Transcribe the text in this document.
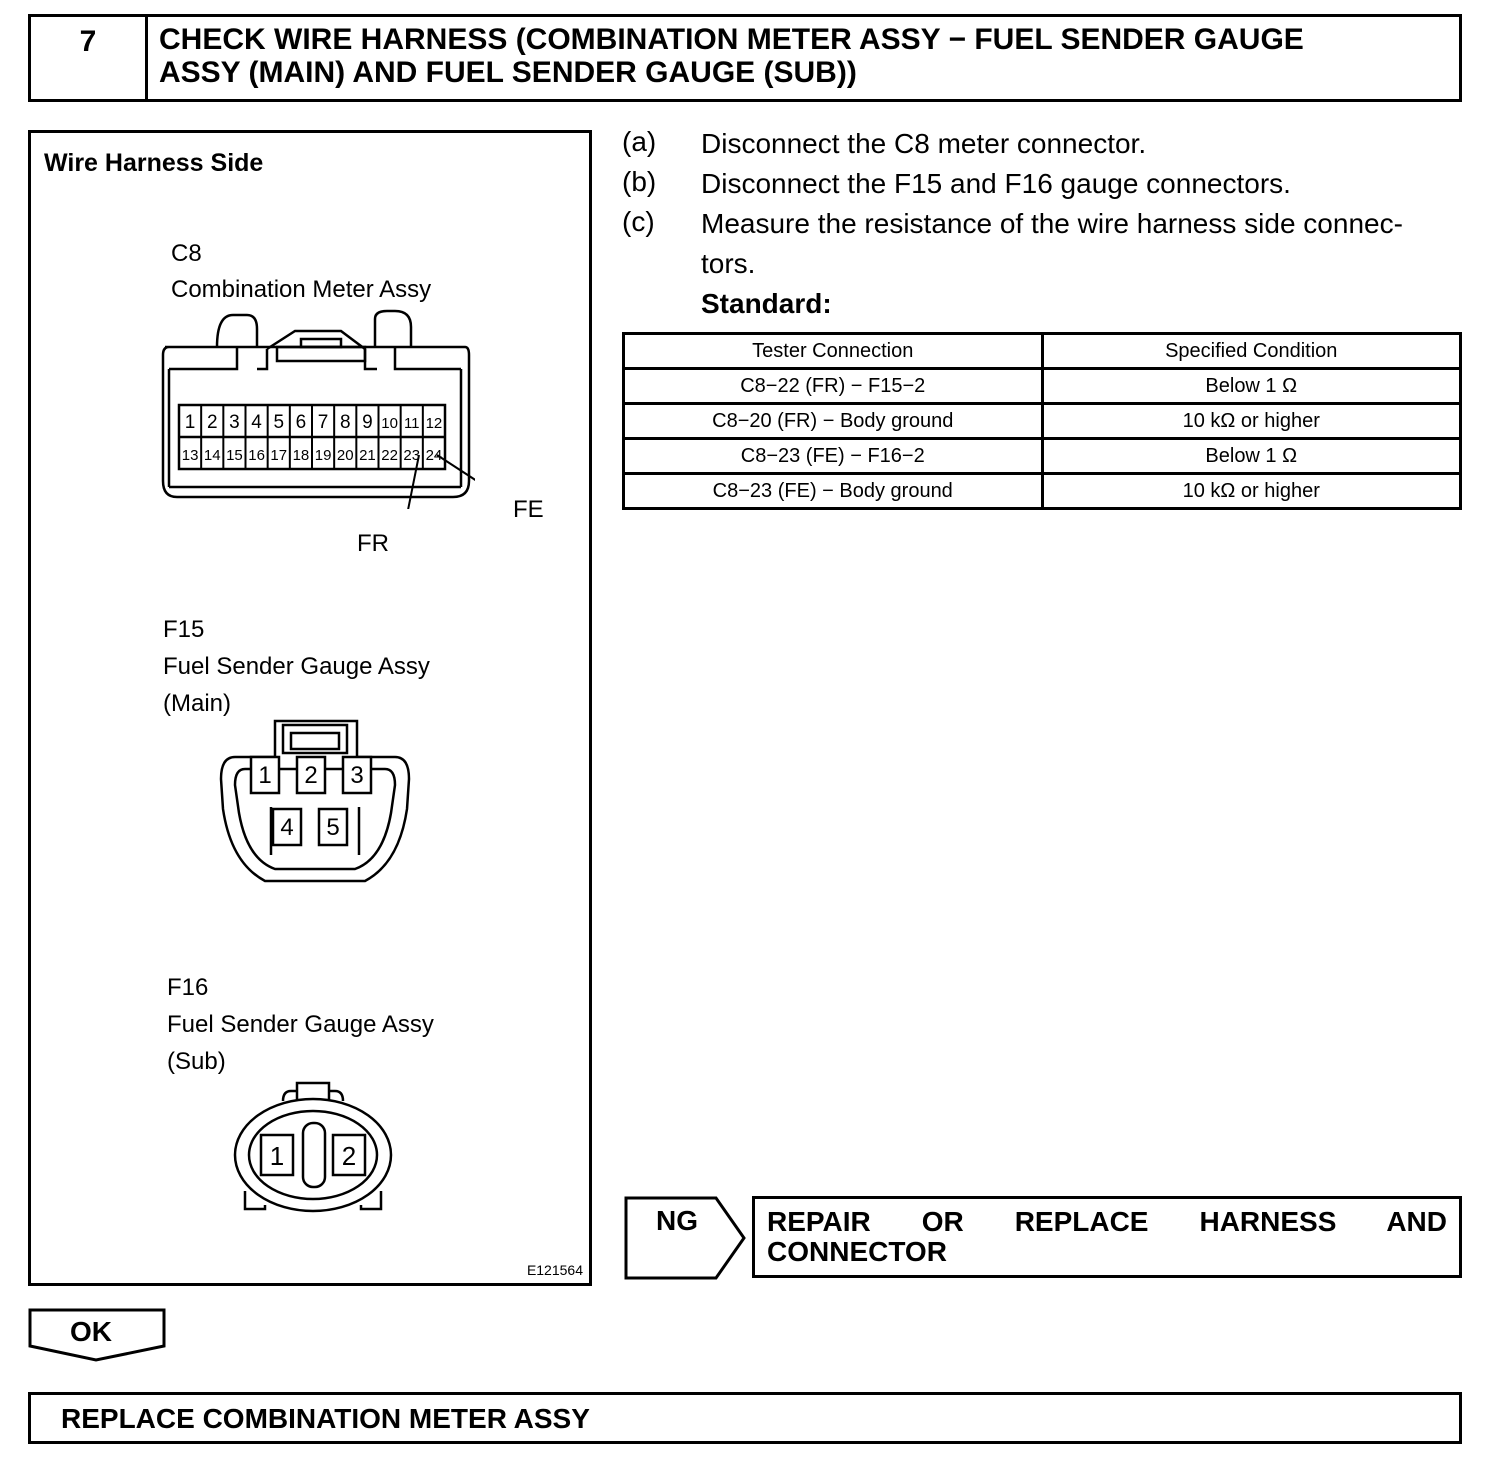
7	CHECK WIRE HARNESS (COMBINATION METER ASSY − FUEL SENDER GAUGE
ASSY (MAIN) AND FUEL SENDER GAUGE (SUB))
Wire Harness Side
C8
Combination Meter Assy
1 2 3 4 5 6 7 8 9 10 11 12
13 14 15 16 17 18 19 20 21 22 23 24
FE
FR
F15
Fuel Sender Gauge Assy
(Main)
1 2 3
4 5
F16
Fuel Sender Gauge Assy
(Sub)
1 2
E121564
(a) Disconnect the C8 meter connector.
(b) Disconnect the F15 and F16 gauge connectors.
(c) Measure the resistance of the wire harness side connec-
tors.
Standard:
Tester Connection	Specified Condition
C8−22 (FR) − F15−2	Below 1 Ω
C8−20 (FR) − Body ground	10 kΩ or higher
C8−23 (FE) − F16−2	Below 1 Ω
C8−23 (FE) − Body ground	10 kΩ or higher
NG REPAIR OR REPLACE HARNESS AND
CONNECTOR
OK
REPLACE COMBINATION METER ASSY
